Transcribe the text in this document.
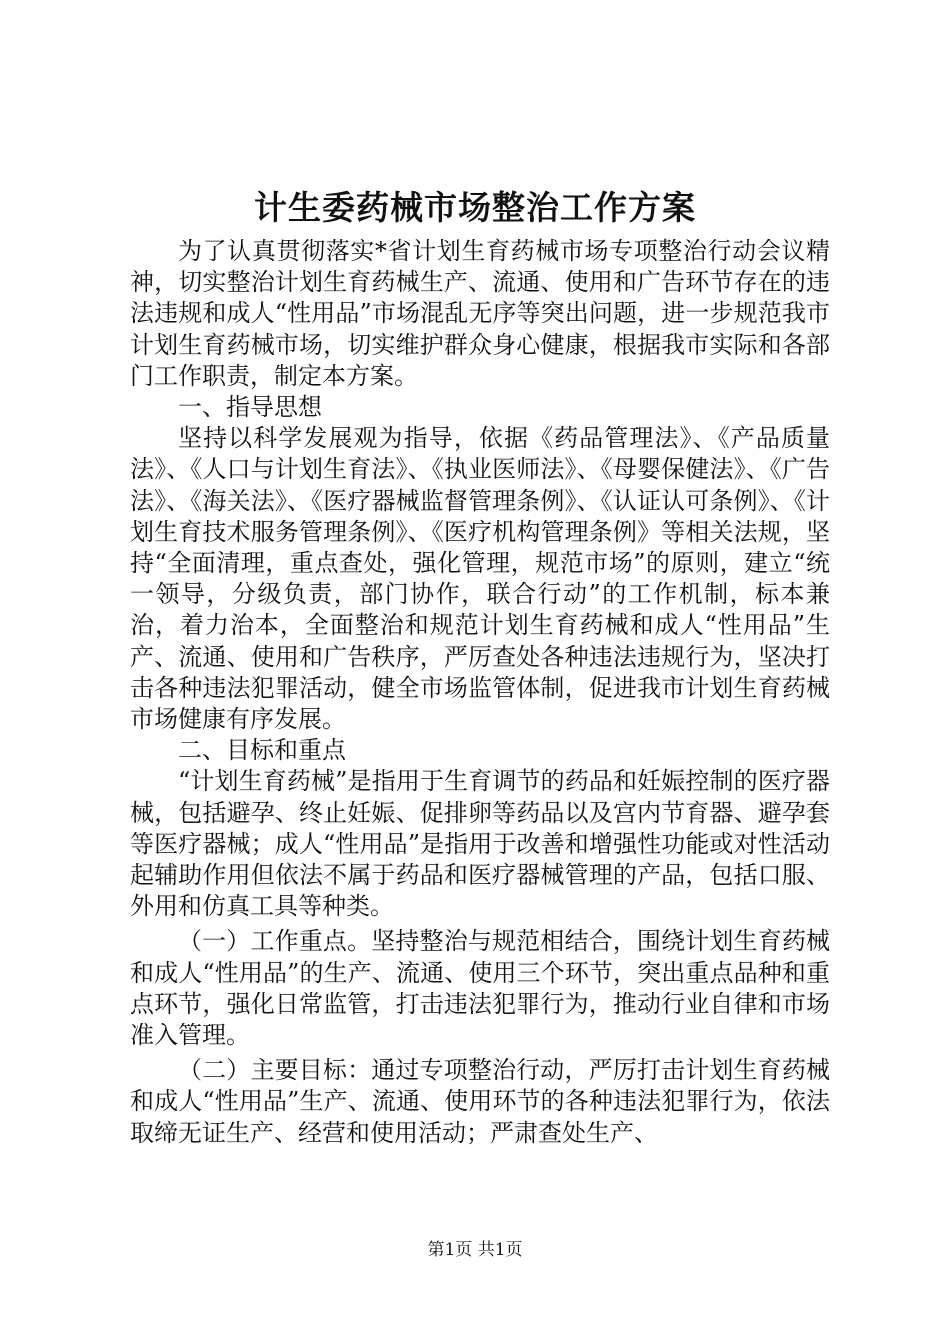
计生委药械市场整治工作方案

为了认真贯彻落实*省计划生育药械市场专项整治行动会议精神，切实整治计划生育药械生产、流通、使用和广告环节存在的违法违规和成人“性用品”市场混乱无序等突出问题，进一步规范我市计划生育药械市场，切实维护群众身心健康，根据我市实际和各部门工作职责，制定本方案。

一、指导思想

坚持以科学发展观为指导，依据《药品管理法》、《产品质量法》、《人口与计划生育法》、《执业医师法》、《母婴保健法》、《广告法》、《海关法》、《医疗器械监督管理条例》、《认证认可条例》、《计划生育技术服务管理条例》、《医疗机构管理条例》等相关法规，坚持“全面清理，重点查处，强化管理，规范市场”的原则，建立“统一领导，分级负责，部门协作，联合行动”的工作机制，标本兼治，着力治本，全面整治和规范计划生育药械和成人“性用品”生产、流通、使用和广告秩序，严厉查处各种违法违规行为，坚决打击各种违法犯罪活动，健全市场监管体制，促进我市计划生育药械市场健康有序发展。

二、目标和重点

“计划生育药械”是指用于生育调节的药品和妊娠控制的医疗器械，包括避孕、终止妊娠、促排卵等药品以及宫内节育器、避孕套等医疗器械；成人“性用品”是指用于改善和增强性功能或对性活动起辅助作用但依法不属于药品和医疗器械管理的产品，包括口服、外用和仿真工具等种类。

（一）工作重点。坚持整治与规范相结合，围绕计划生育药械和成人“性用品”的生产、流通、使用三个环节，突出重点品种和重点环节，强化日常监管，打击违法犯罪行为，推动行业自律和市场准入管理。

（二）主要目标：通过专项整治行动，严厉打击计划生育药械和成人“性用品”生产、流通、使用环节的各种违法犯罪行为，依法取缔无证生产、经营和使用活动；严肃查处生产、

第1页 共1页
